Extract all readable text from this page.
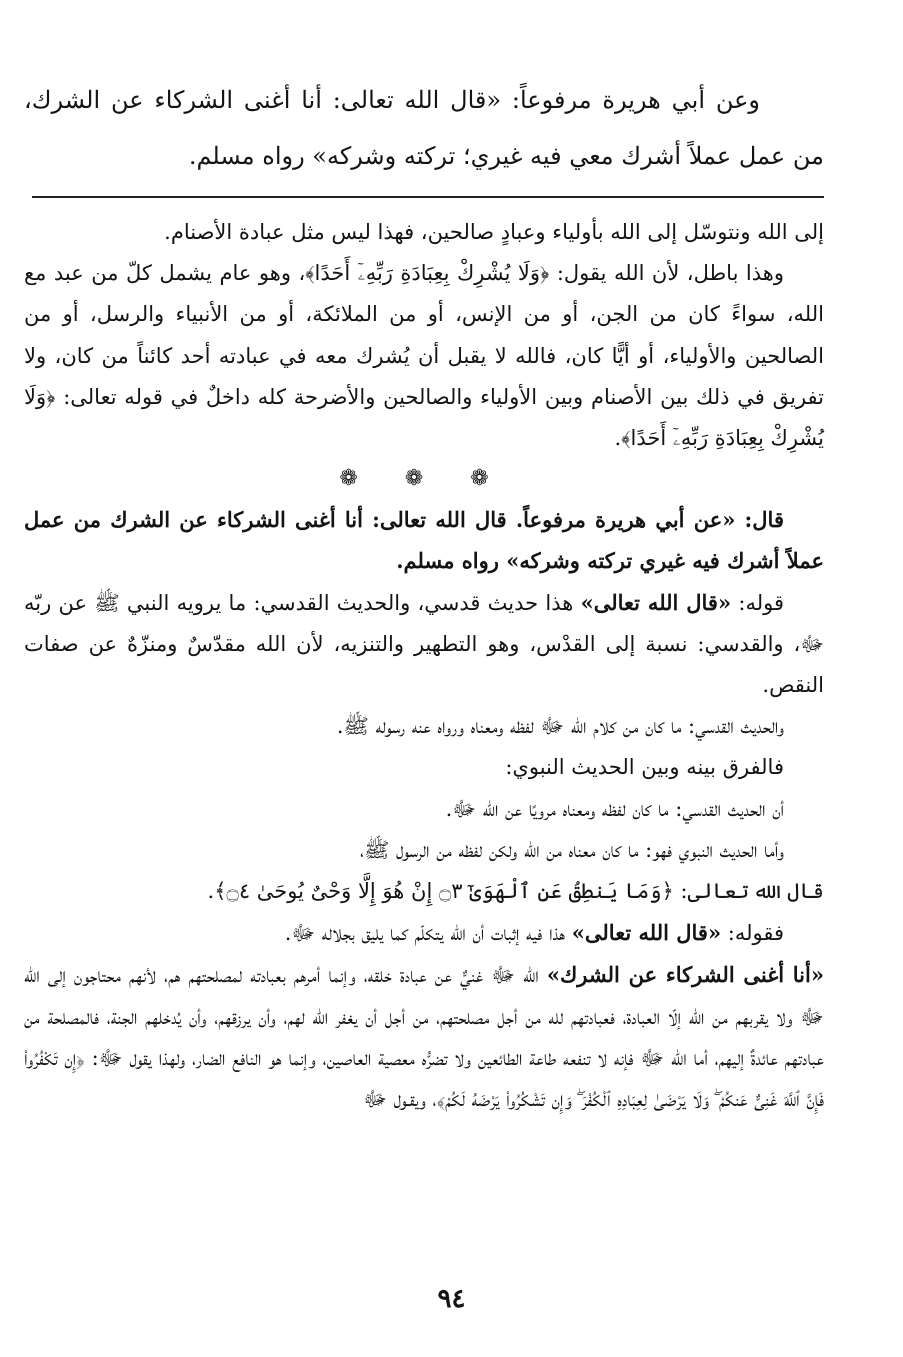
وعن أبي هريرة مرفوعاً: «قال الله تعالى: أنا أغنى الشركاء عن الشرك، من عمل عملاً أشرك معي فيه غيري؛ تركته وشركه» رواه مسلم.

إلى الله ونتوسّل إلى الله بأولياء وعبادٍ صالحين، فهذا ليس مثل عبادة الأصنام.

وهذا باطل، لأن الله يقول: ﴿وَلَا يُشْرِكْ بِعِبَادَةِ رَبِّهِۦٓ أَحَدًا﴾، وهو عام يشمل كلّ من عبد مع الله، سواءً كان من الجن، أو من الإنس، أو من الملائكة، أو من الأنبياء والرسل، أو من الصالحين والأولياء، أو أيًّا كان، فالله لا يقبل أن يُشرك معه في عبادته أحد كائناً من كان، ولا تفريق في ذلك بين الأصنام وبين الأولياء والصالحين والأضرحة كله داخلٌ في قوله تعالى: ﴿وَلَا يُشْرِكْ بِعِبَادَةِ رَبِّهِۦٓ أَحَدًا﴾.

❁ ❁ ❁

قال: «عن أبي هريرة مرفوعاً. قال الله تعالى: أنا أغنى الشركاء عن الشرك من عمل عملاً أشرك فيه غيري تركته وشركه» رواه مسلم.

قوله: «قال الله تعالى» هذا حديث قدسي، والحديث القدسي: ما يرويه النبي ﷺ عن ربّه ﷻ، والقدسي: نسبة إلى القدْس، وهو التطهير والتنزيه، لأن الله مقدّسٌ ومنزّهٌ عن صفات النقص.

والحديث القدسي: ما كان من كلام الله ﷻ لفظه ومعناه ورواه عنه رسوله ﷺ.

فالفرق بينه وبين الحديث النبوي:

أن الحديث القدسي: ما كان لفظه ومعناه مرويًا عن الله ﷻ.

وأما الحديث النبوي فهو: ما كان معناه من الله ولكن لفظه من الرسول ﷺ،

قال الله تعالى: ﴿وَمَا يَنطِقُ عَنِ ٱلْهَوَىٰٓ ۝٣ إِنْ هُوَ إِلَّا وَحْىٌ يُوحَىٰ ۝٤﴾.

فقوله: «قال الله تعالى» هذا فيه إثبات أن الله يتكلّم كما يليق بجلاله ﷻ.

«أنا أغنى الشركاء عن الشرك» الله ﷻ غنيٌّ عن عبادة خلقه، وإنما أمرهم بعبادته لمصلحتهم هم، لأنهم محتاجون إلى الله ﷻ ولا يقربهم من الله إلّا العبادة، فعبادتهم لله من أجل مصلحتهم، من أجل أن يغفر الله لهم، وأن يرزقهم، وأن يُدخلهم الجنة، فالمصلحة من عبادتهم عائدةٌ إليهم، أما الله ﷻ فإنه لا تنفعه طاعة الطائعين ولا تضرُّه معصية العاصين، وإنما هو النافع الضار، ولهذا يقول ﷻ: ﴿إِن تَكْفُرُوا۟ فَإِنَّ ٱللَّهَ غَنِىٌّ عَنكُمْ ۖ وَلَا يَرْضَىٰ لِعِبَادِهِ ٱلْكُفْرَ ۖ وَإِن تَشْكُرُوا۟ يَرْضَهُ لَكُمْ﴾، ويقـول ﷻ

٩٤
